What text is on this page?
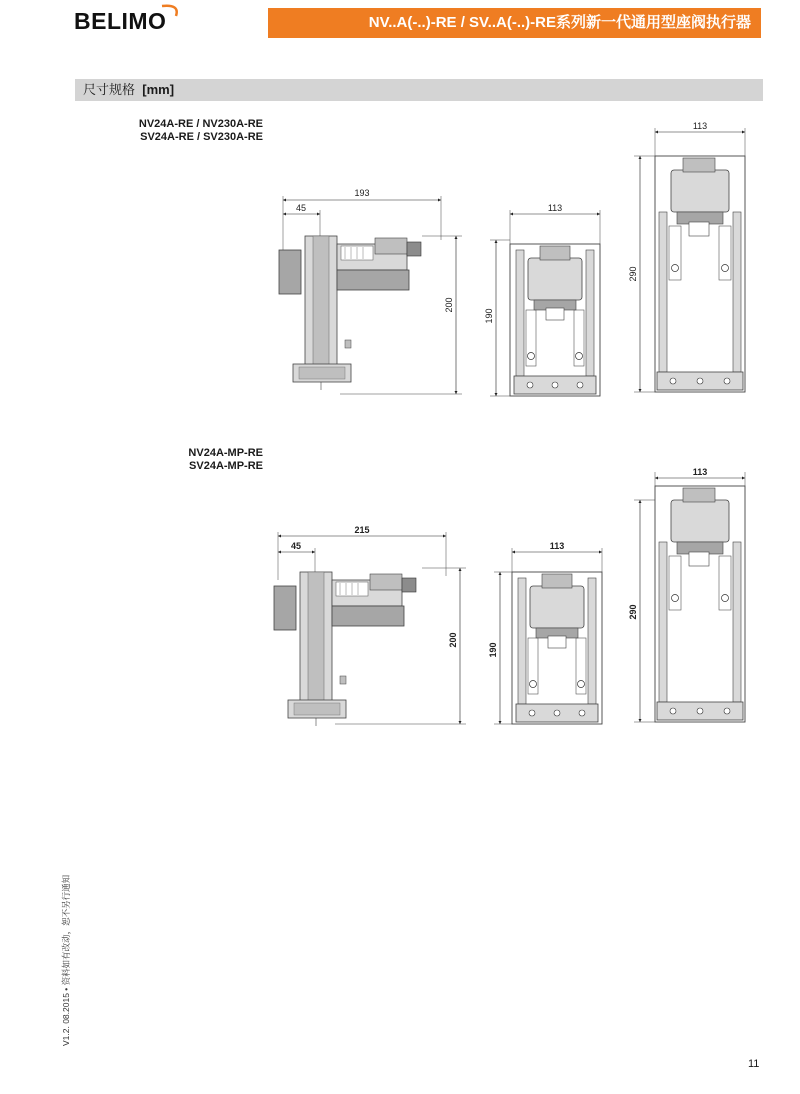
BELIMO	NV..A(-..)-RE / SV..A(-..)-RE系列新一代通用型座阀执行器
尺寸规格 [mm]
NV24A-RE / NV230A-RE
SV24A-RE / SV230A-RE
NV24A-MP-RE
SV24A-MP-RE
193
45
200
113
190
113
290
215
45
200
113
190
113
290
V1.2. 08.2015 • 资料如有改动，恕不另行通知
11
